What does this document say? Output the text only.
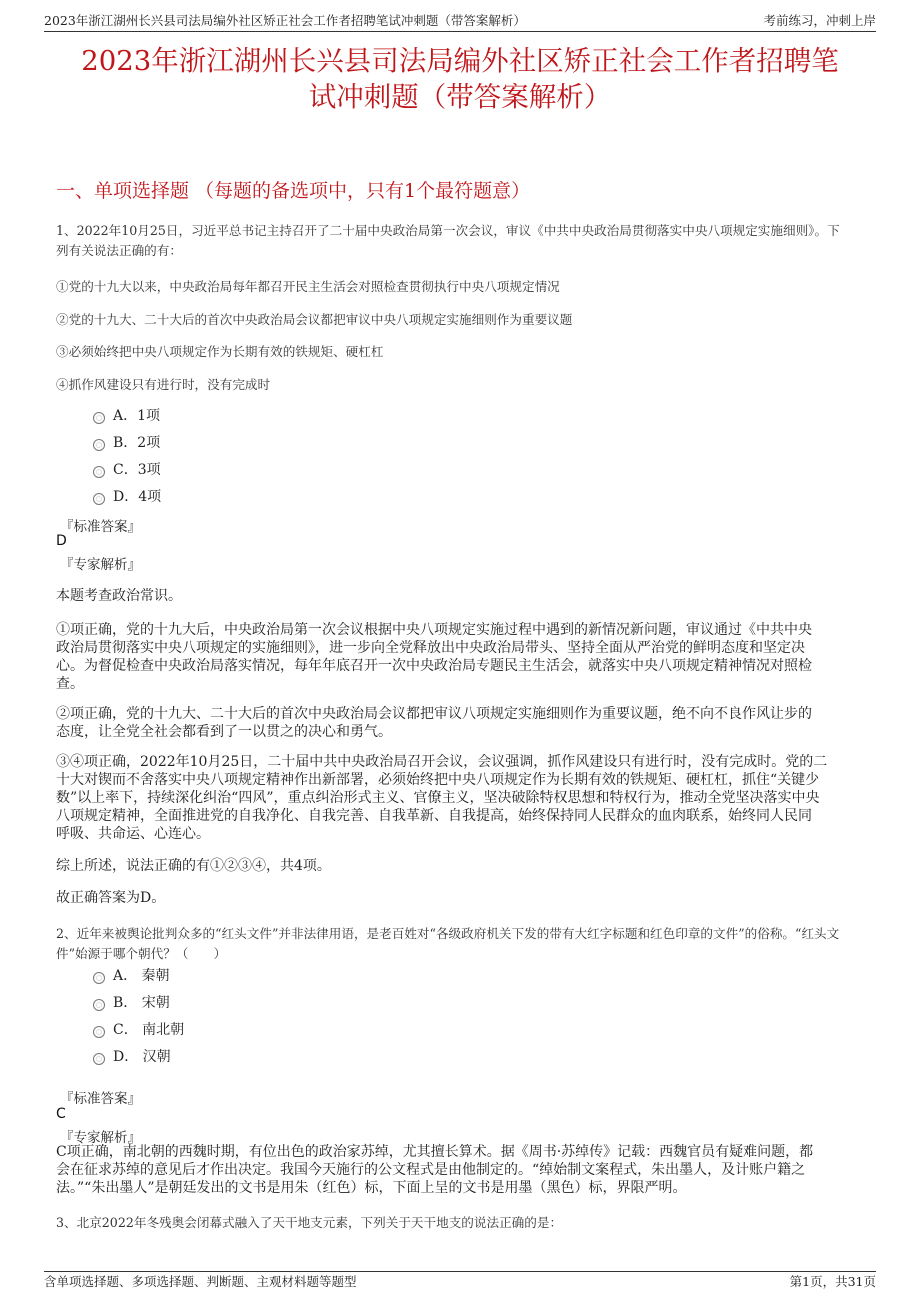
2023年浙江湖州长兴县司法局编外社区矫正社会工作者招聘笔试冲刺题（带答案解析）	考前练习，冲刺上岸
2023年浙江湖州长兴县司法局编外社区矫正社会工作者招聘笔
试冲刺题（带答案解析）
一、单项选择题 （每题的备选项中，只有1个最符题意）
1、2022年10月25日，习近平总书记主持召开了二十届中央政治局第一次会议，审议《中共中央政治局贯彻落实中央八项规定实施细则》。下
列有关说法正确的有：
①党的十九大以来，中央政治局每年都召开民主生活会对照检查贯彻执行中央八项规定情况
②党的十九大、二十大后的首次中央政治局会议都把审议中央八项规定实施细则作为重要议题
③必须始终把中央八项规定作为长期有效的铁规矩、硬杠杠
④抓作风建设只有进行时，没有完成时
A．1项
B．2项
C．3项
D．4项
『标准答案』
D
『专家解析』
本题考查政治常识。
①项正确，党的十九大后，中央政治局第一次会议根据中央八项规定实施过程中遇到的新情况新问题，审议通过《中共中央
政治局贯彻落实中央八项规定的实施细则》，进一步向全党释放出中央政治局带头、坚持全面从严治党的鲜明态度和坚定决
心。为督促检查中央政治局落实情况，每年年底召开一次中央政治局专题民主生活会，就落实中央八项规定精神情况对照检
查。
②项正确，党的十九大、二十大后的首次中央政治局会议都把审议八项规定实施细则作为重要议题，绝不向不良作风让步的
态度，让全党全社会都看到了一以贯之的决心和勇气。
③④项正确，2022年10月25日，二十届中共中央政治局召开会议，会议强调，抓作风建设只有进行时，没有完成时。党的二
十大对锲而不舍落实中央八项规定精神作出新部署，必须始终把中央八项规定作为长期有效的铁规矩、硬杠杠，抓住“关键少
数”以上率下，持续深化纠治“四风”，重点纠治形式主义、官僚主义，坚决破除特权思想和特权行为，推动全党坚决落实中央
八项规定精神，全面推进党的自我净化、自我完善、自我革新、自我提高，始终保持同人民群众的血肉联系，始终同人民同
呼吸、共命运、心连心。
综上所述，说法正确的有①②③④，共4项。
故正确答案为D。
2、近年来被舆论批判众多的“红头文件”并非法律用语，是老百姓对“各级政府机关下发的带有大红字标题和红色印章的文件”的俗称。“红头文
件”始源于哪个朝代？（　　）
A． 秦朝
B． 宋朝
C． 南北朝
D． 汉朝
『标准答案』
C
『专家解析』
C项正确，南北朝的西魏时期，有位出色的政治家苏绰，尤其擅长算术。据《周书·苏绰传》记载：西魏官员有疑难问题，都
会在征求苏绰的意见后才作出决定。我国今天施行的公文程式是由他制定的。“绰始制文案程式，朱出墨人，及计账户籍之
法。”“朱出墨人”是朝廷发出的文书是用朱（红色）标，下面上呈的文书是用墨（黑色）标，界限严明。
3、北京2022年冬残奥会闭幕式融入了天干地支元素，下列关于天干地支的说法正确的是：
含单项选择题、多项选择题、判断题、主观材料题等题型	第1页，共31页
